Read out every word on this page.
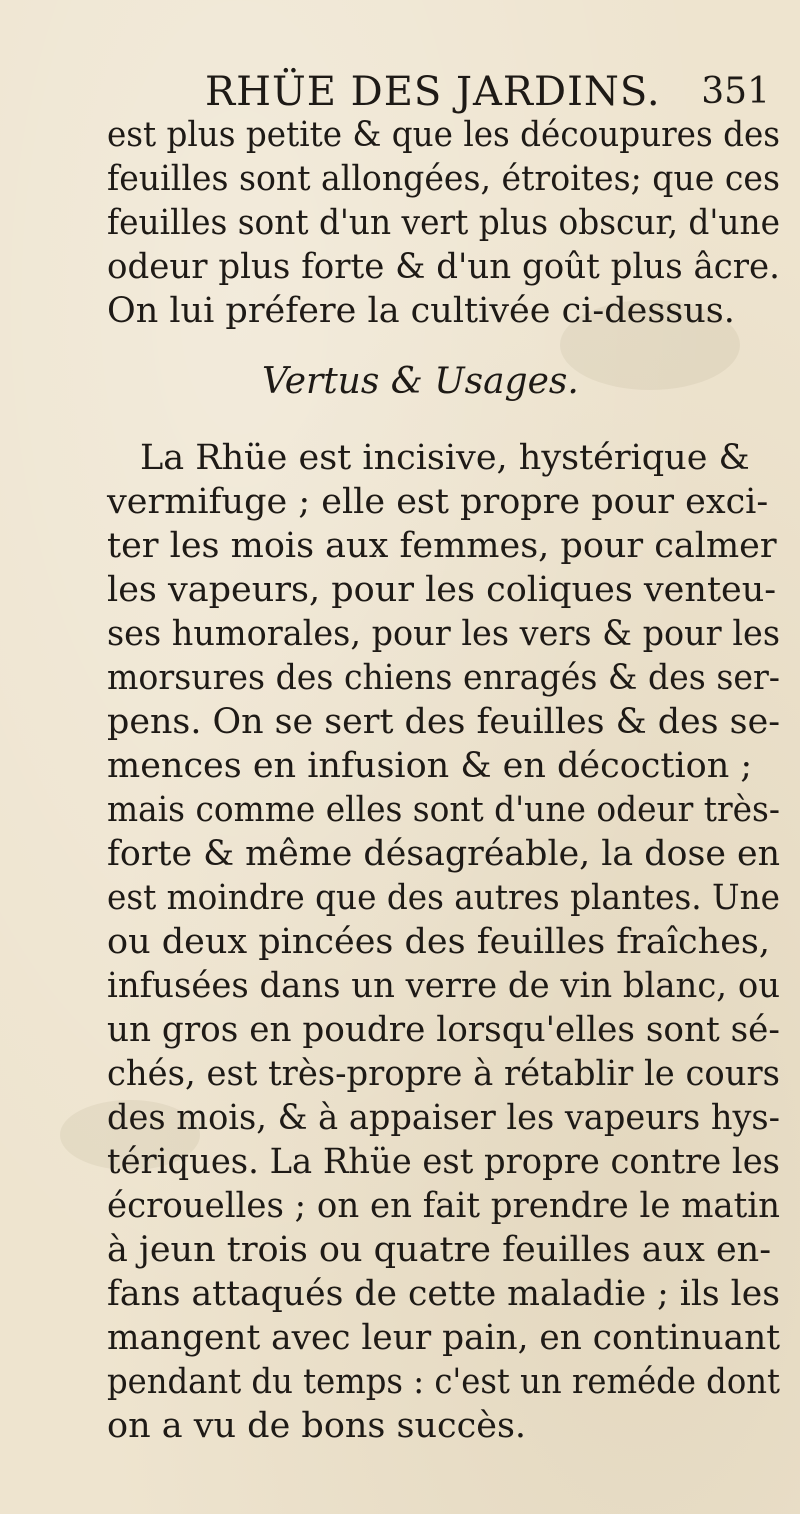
RHÜE DES JARDINS. 351
est plus petite & que les découpures des
feuilles sont allongées, étroites; que ces
feuilles sont d'un vert plus obscur, d'une
odeur plus forte & d'un goût plus âcre.
On lui préfere la cultivée ci-dessus.
Vertus & Usages.
La Rhüe est incisive, hystérique &
vermifuge ; elle est propre pour exci-
ter les mois aux femmes, pour calmer
les vapeurs, pour les coliques venteu-
ses humorales, pour les vers & pour les
morsures des chiens enragés & des ser-
pens. On se sert des feuilles & des se-
mences en infusion & en décoction ;
mais comme elles sont d'une odeur très-
forte & même désagréable, la dose en
est moindre que des autres plantes. Une
ou deux pincées des feuilles fraîches,
infusées dans un verre de vin blanc, ou
un gros en poudre lorsqu'elles sont sé-
chés, est très-propre à rétablir le cours
des mois, & à appaiser les vapeurs hys-
tériques. La Rhüe est propre contre les
écrouelles ; on en fait prendre le matin
à jeun trois ou quatre feuilles aux en-
fans attaqués de cette maladie ; ils les
mangent avec leur pain, en continuant
pendant du temps : c'est un reméde dont
on a vu de bons succès.
